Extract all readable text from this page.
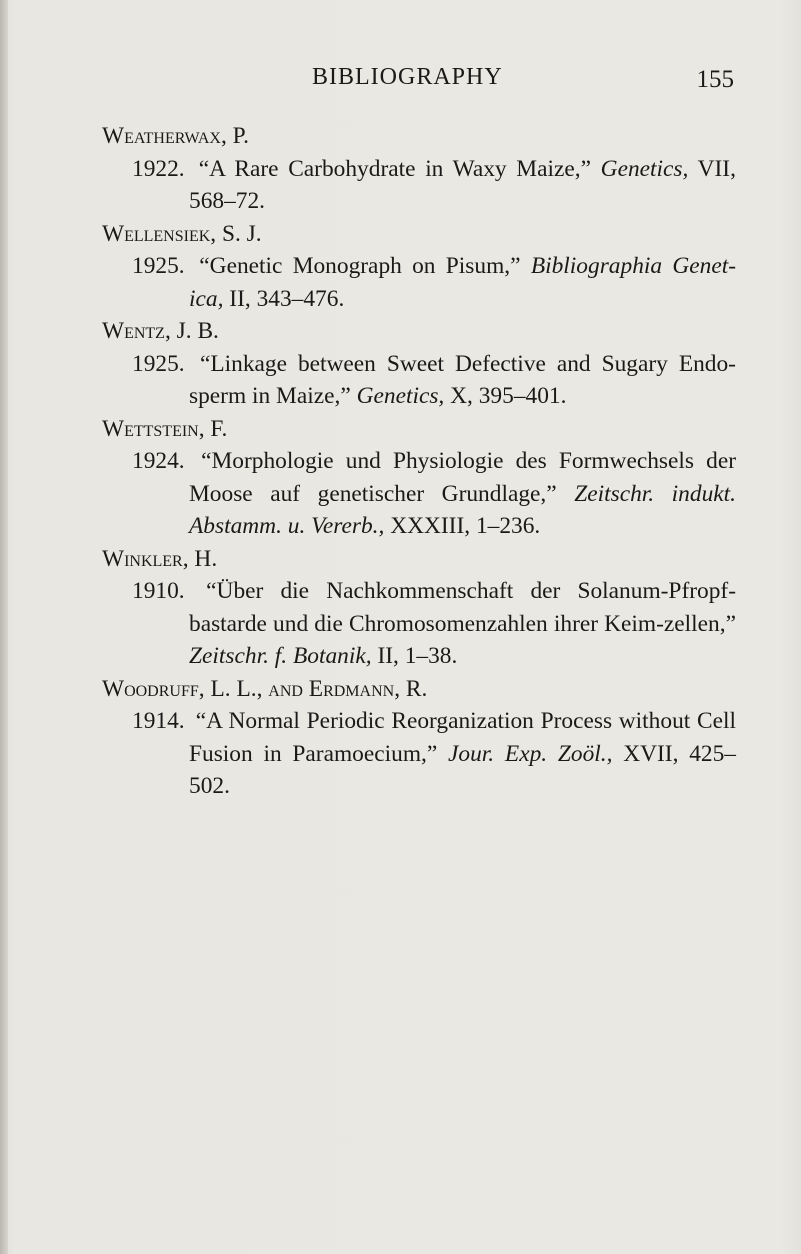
BIBLIOGRAPHY	155
Weatherwax, P.
1922. “A Rare Carbohydrate in Waxy Maize,” Genetics, VII, 568–72.
Wellensiek, S. J.
1925. “Genetic Monograph on Pisum,” Bibliographia Genet-ica, II, 343–476.
Wentz, J. B.
1925. “Linkage between Sweet Defective and Sugary Endo-sperm in Maize,” Genetics, X, 395–401.
Wettstein, F.
1924. “Morphologie und Physiologie des Formwechsels der Moose auf genetischer Grundlage,” Zeitschr. indukt. Abstamm. u. Vererb., XXXIII, 1–236.
Winkler, H.
1910. “Über die Nachkommenschaft der Solanum-Pfropf-bastarde und die Chromosomenzahlen ihrer Keim-zellen,” Zeitschr. f. Botanik, II, 1–38.
Woodruff, L. L., and Erdmann, R.
1914. “A Normal Periodic Reorganization Process without Cell Fusion in Paramoecium,” Jour. Exp. Zoöl., XVII, 425–502.
